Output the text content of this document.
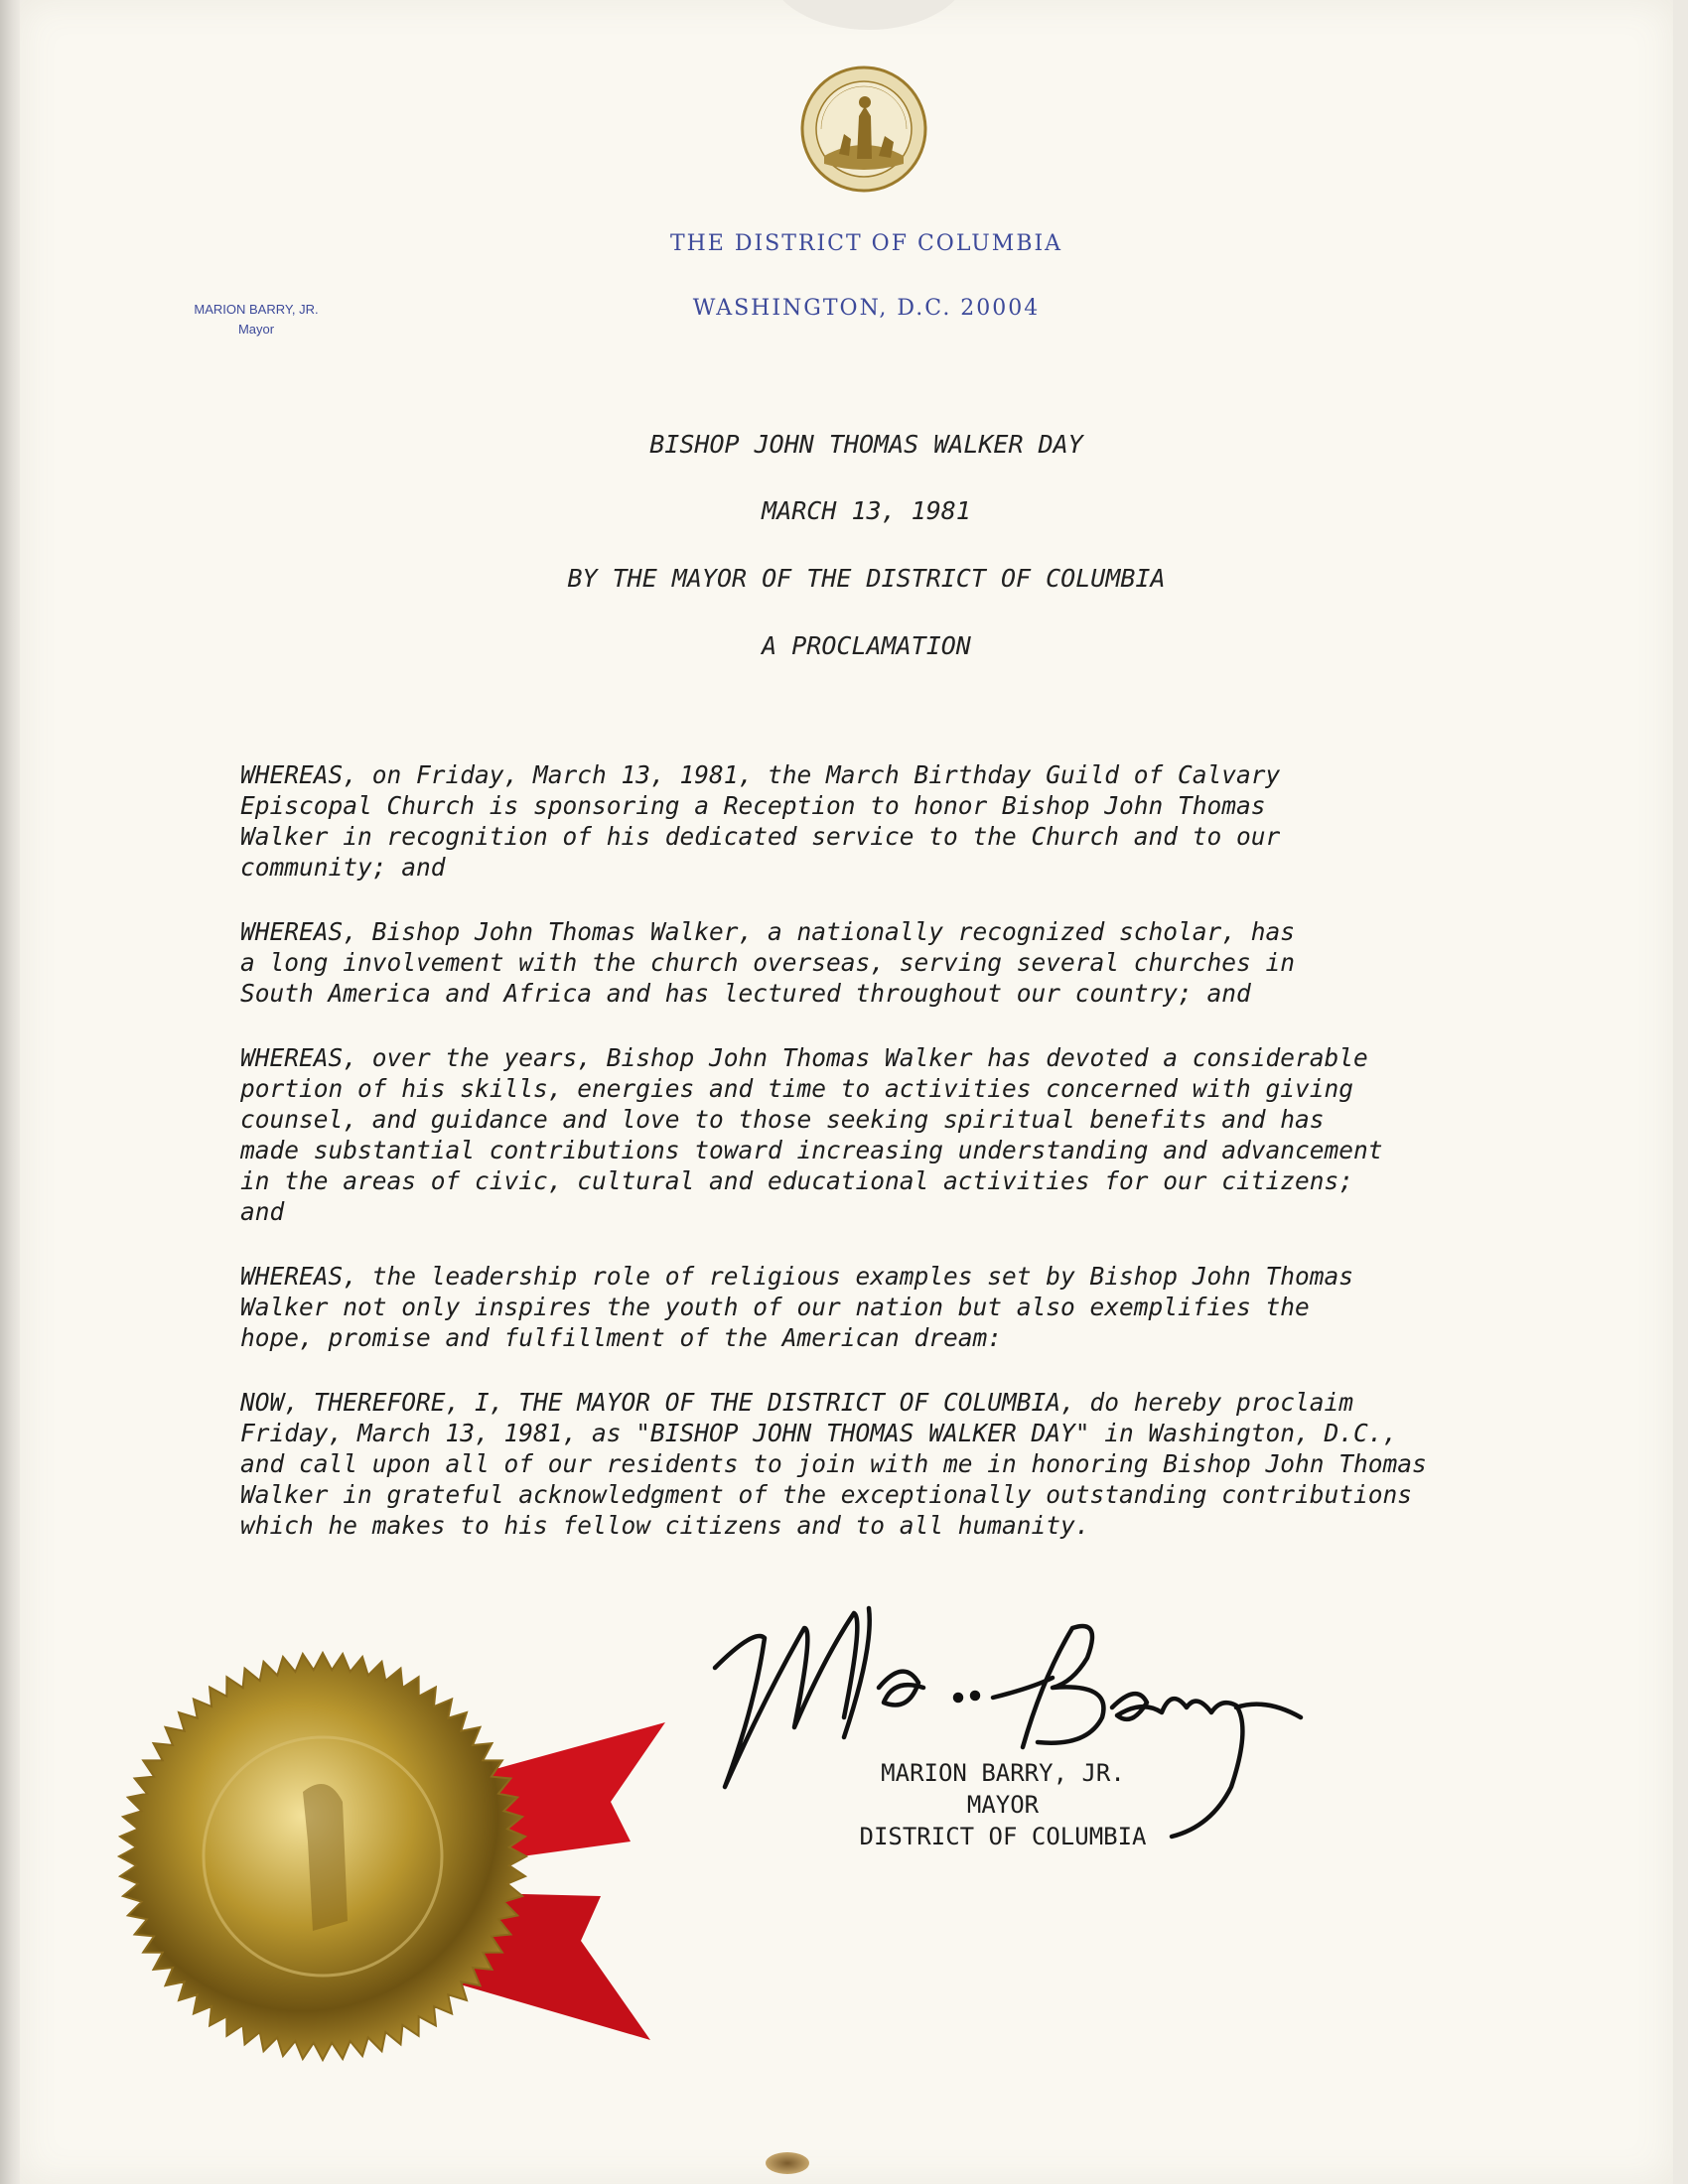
THE DISTRICT OF COLUMBIA
WASHINGTON, D.C. 20004
MARION BARRY, JR.
Mayor
BISHOP JOHN THOMAS WALKER DAY
MARCH 13, 1981
BY THE MAYOR OF THE DISTRICT OF COLUMBIA
A PROCLAMATION

WHEREAS, on Friday, March 13, 1981, the March Birthday Guild of Calvary
Episcopal Church is sponsoring a Reception to honor Bishop John Thomas
Walker in recognition of his dedicated service to the Church and to our
community; and

WHEREAS, Bishop John Thomas Walker, a nationally recognized scholar, has
a long involvement with the church overseas, serving several churches in
South America and Africa and has lectured throughout our country; and

WHEREAS, over the years, Bishop John Thomas Walker has devoted a considerable
portion of his skills, energies and time to activities concerned with giving
counsel, and guidance and love to those seeking spiritual benefits and has
made substantial contributions toward increasing understanding and advancement
in the areas of civic, cultural and educational activities for our citizens;
and

WHEREAS, the leadership role of religious examples set by Bishop John Thomas
Walker not only inspires the youth of our nation but also exemplifies the
hope, promise and fulfillment of the American dream:

NOW, THEREFORE, I, THE MAYOR OF THE DISTRICT OF COLUMBIA, do hereby proclaim
Friday, March 13, 1981, as "BISHOP JOHN THOMAS WALKER DAY" in Washington, D.C.,
and call upon all of our residents to join with me in honoring Bishop John Thomas
Walker in grateful acknowledgment of the exceptionally outstanding contributions
which he makes to his fellow citizens and to all humanity.

MARION BARRY, JR.
MAYOR
DISTRICT OF COLUMBIA
